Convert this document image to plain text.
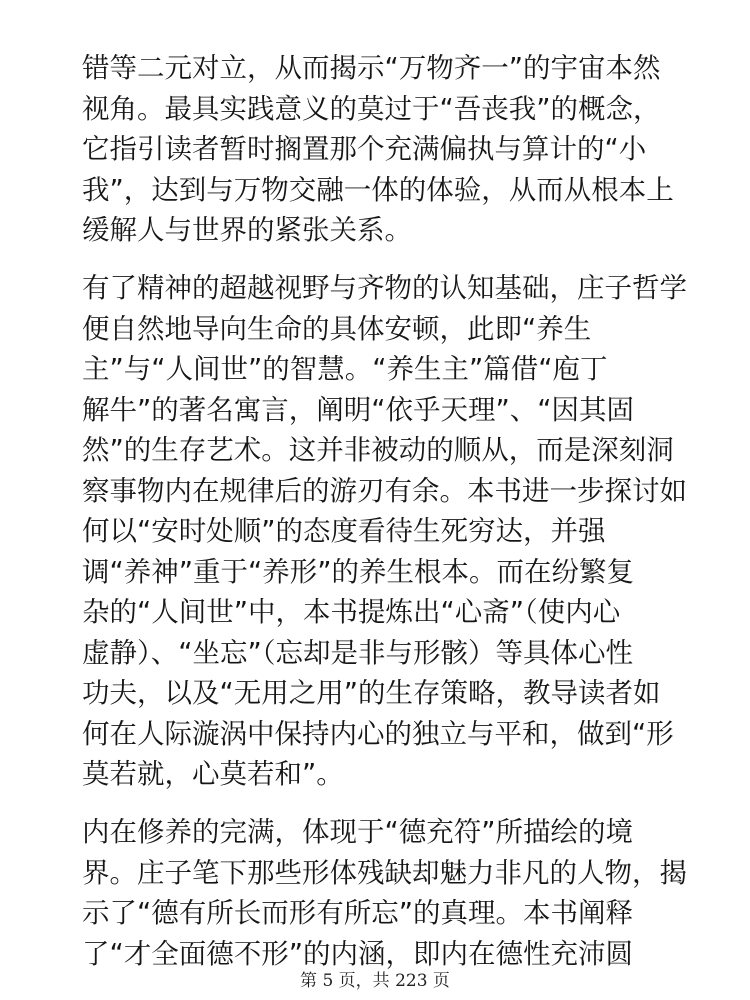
错等二元对立，从而揭示“万物齐一”的宇宙本然
视角。最具实践意义的莫过于“吾丧我”的概念，
它指引读者暂时搁置那个充满偏执与算计的“小
我”，达到与万物交融一体的体验，从而从根本上
缓解人与世界的紧张关系。
有了精神的超越视野与齐物的认知基础，庄子哲学
便自然地导向生命的具体安顿，此即“养生
主”与“人间世”的智慧。“养生主”篇借“庖丁
解牛”的著名寓言，阐明“依乎天理”、“因其固
然”的生存艺术。这并非被动的顺从，而是深刻洞
察事物内在规律后的游刃有余。本书进一步探讨如
何以“安时处顺”的态度看待生死穷达，并强
调“养神”重于“养形”的养生根本。而在纷繁复
杂的“人间世”中，本书提炼出“心斋”（使内心
虚静）、“坐忘”（忘却是非与形骸）等具体心性
功夫，以及“无用之用”的生存策略，教导读者如
何在人际漩涡中保持内心的独立与平和，做到“形
莫若就，心莫若和”。
内在修养的完满，体现于“德充符”所描绘的境
界。庄子笔下那些形体残缺却魅力非凡的人物，揭
示了“德有所长而形有所忘”的真理。本书阐释
了“才全面德不形”的内涵，即内在德性充沛圆
第 5 页，共 223 页
